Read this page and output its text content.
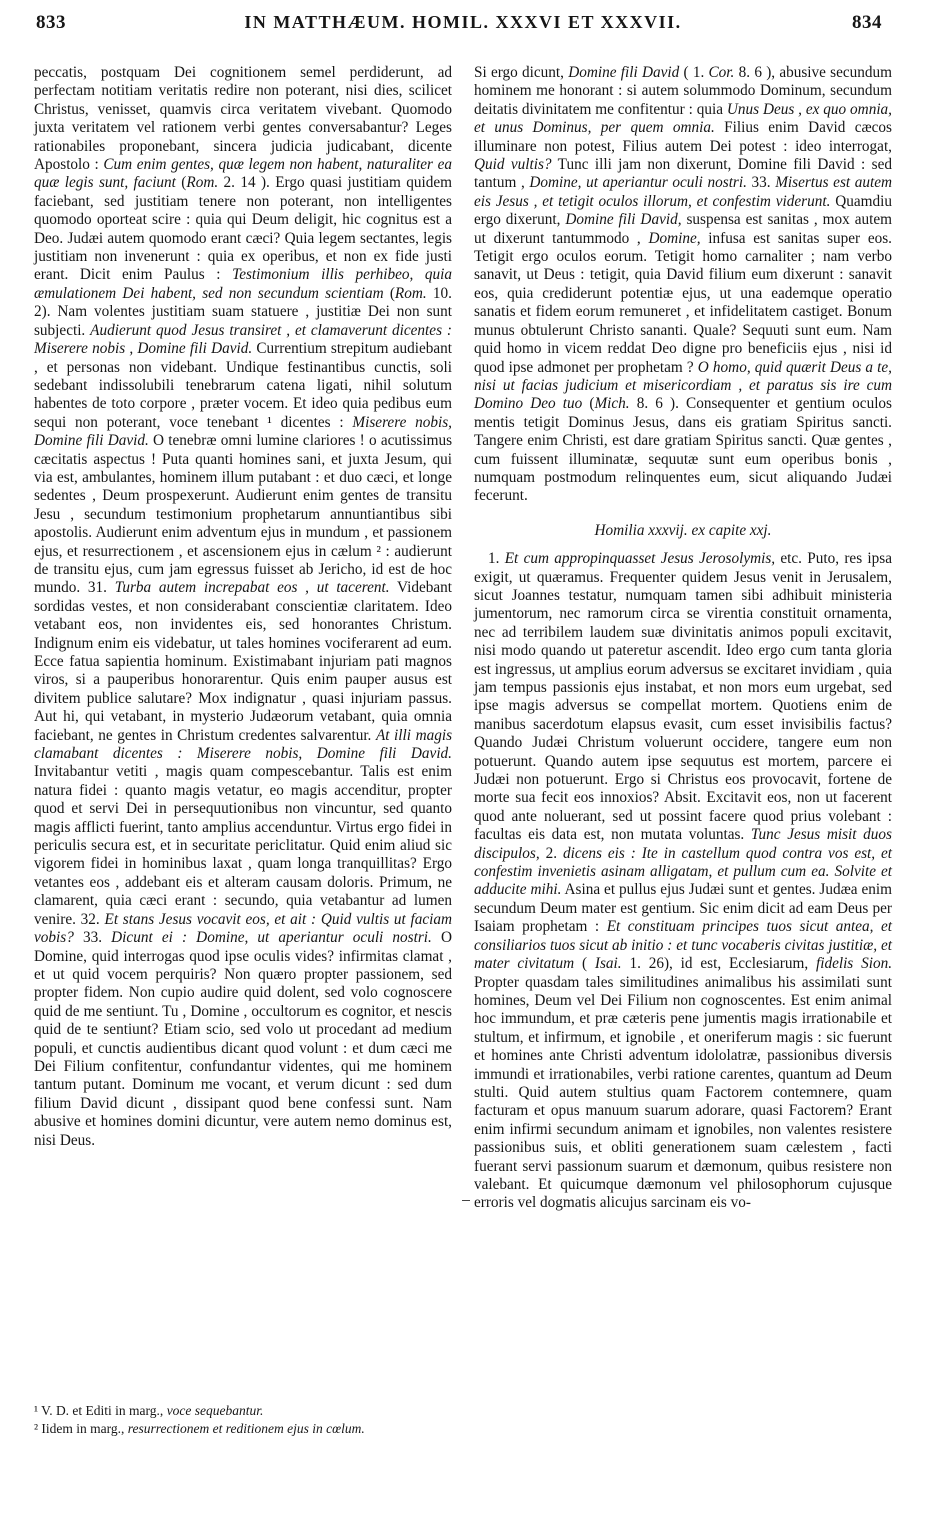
833	IN MATTHÆUM. HOMIL. XXXVI ET XXXVII.	834

peccatis, postquam Dei cognitionem semel perdiderunt, ad perfectam notitiam veritatis redire non poterant, nisi dies, scilicet Christus, venisset, quamvis circa veritatem vivebant. Quomodo juxta veritatem vel rationem verbi gentes conversabantur? Leges rationabiles proponebant, sincera judicia judicabant, dicente Apostolo : Cum enim gentes, quæ legem non habent, naturaliter ea quæ legis sunt, faciunt (Rom. 2. 14 ). Ergo quasi justitiam quidem faciebant, sed justitiam tenere non poterant, non intelligentes quomodo oporteat scire : quia qui Deum deligit, hic cognitus est a Deo. Judæi autem quomodo erant cæci? Quia legem sectantes, legis justitiam non invenerunt : quia ex operibus, et non ex fide justi erant. Dicit enim Paulus : Testimonium illis perhibeo, quia æmulationem Dei habent, sed non secundum scientiam (Rom. 10. 2). Nam volentes justitiam suam statuere , justitiæ Dei non sunt subjecti. Audierunt quod Jesus transiret , et clamaverunt dicentes : Miserere nobis , Domine fili David. Currentium strepitum audiebant , et personas non videbant. Undique festinantibus cunctis, soli sedebant indissolubili tenebrarum catena ligati, nihil solutum habentes de toto corpore , præter vocem. Et ideo quia pedibus eum sequi non poterant, voce tenebant ¹ dicentes : Miserere nobis, Domine fili David. O tenebræ omni lumine clariores ! o acutissimus cæcitatis aspectus ! Puta quanti homines sani, et juxta Jesum, qui via est, ambulantes, hominem illum putabant : et duo cæci, et longe sedentes , Deum prospexerunt. Audierunt enim gentes de transitu Jesu , secundum testimonium prophetarum annuntiantibus sibi apostolis. Audierunt enim adventum ejus in mundum , et passionem ejus, et resurrectionem , et ascensionem ejus in cælum ² : audierunt de transitu ejus, cum jam egressus fuisset ab Jericho, id est de hoc mundo. 31. Turba autem increpabat eos , ut tacerent. Videbant sordidas vestes, et non considerabant conscientiæ claritatem. Ideo vetabant eos, non invidentes eis, sed honorantes Christum. Indignum enim eis videbatur, ut tales homines vociferarent ad eum. Ecce fatua sapientia hominum. Existimabant injuriam pati magnos viros, si a pauperibus honorarentur. Quis enim pauper ausus est divitem publice salutare? Mox indignatur , quasi injuriam passus. Aut hi, qui vetabant, in mysterio Judæorum vetabant, quia omnia faciebant, ne gentes in Christum credentes salvarentur. At illi magis clamabant dicentes : Miserere nobis, Domine fili David. Invitabantur vetiti , magis quam compescebantur. Talis est enim natura fidei : quanto magis vetatur, eo magis accenditur, propter quod et servi Dei in persequutionibus non vincuntur, sed quanto magis afflicti fuerint, tanto amplius accenduntur. Virtus ergo fidei in periculis secura est, et in securitate periclitatur. Quid enim aliud sic vigorem fidei in hominibus laxat , quam longa tranquillitas? Ergo vetantes eos , addebant eis et alteram causam doloris. Primum, ne clamarent, quia cæci erant : secundo, quia vetabantur ad lumen venire. 32. Et stans Jesus vocavit eos, et ait : Quid vultis ut faciam vobis? 33. Dicunt ei : Domine, ut aperiantur oculi nostri. O Domine, quid interrogas quod ipse oculis vides? infirmitas clamat , et ut quid vocem perquiris? Non quæro propter passionem, sed propter fidem. Non cupio audire quid dolent, sed volo cognoscere quid de me sentiunt. Tu , Domine , occultorum es cognitor, et nescis quid de te sentiunt? Etiam scio, sed volo ut procedant ad medium populi, et cunctis audientibus dicant quod volunt : et dum cæci me Dei Filium confitentur, confundantur videntes, qui me hominem tantum putant. Dominum me vocant, et verum dicunt : sed dum filium David dicunt , dissipant quod bene confessi sunt. Nam abusive et homines domini dicuntur, vere autem nemo dominus est, nisi Deus.

¹ V. D. et Editi in marg., voce sequebantur.

² Iidem in marg., resurrectionem et reditionem ejus in cœlum.

Si ergo dicunt, Domine fili David ( 1. Cor. 8. 6 ), abusive secundum hominem me honorant : si autem solummodo Dominum, secundum deitatis divinitatem me confitentur : quia Unus Deus , ex quo omnia, et unus Dominus, per quem omnia. Filius enim David cæcos illuminare non potest, Filius autem Dei potest : ideo interrogat, Quid vultis? Tunc illi jam non dixerunt, Domine fili David : sed tantum , Domine, ut aperiantur oculi nostri. 33. Misertus est autem eis Jesus , et tetigit oculos illorum, et confestim viderunt. Quamdiu ergo dixerunt, Domine fili David, suspensa est sanitas , mox autem ut dixerunt tantummodo , Domine, infusa est sanitas super eos. Tetigit ergo oculos eorum. Tetigit homo carnaliter ; nam verbo sanavit, ut Deus : tetigit, quia David filium eum dixerunt : sanavit eos, quia crediderunt potentiæ ejus, ut una eademque operatio sanatis et fidem eorum remuneret , et infidelitatem castiget. Bonum munus obtulerunt Christo sananti. Quale? Sequuti sunt eum. Nam quid homo in vicem reddat Deo digne pro beneficiis ejus , nisi id quod ipse admonet per prophetam ? O homo, quid quærit Deus a te, nisi ut facias judicium et misericordiam , et paratus sis ire cum Domino Deo tuo (Mich. 8. 6 ). Consequenter et gentium oculos mentis tetigit Dominus Jesus, dans eis gratiam Spiritus sancti. Tangere enim Christi, est dare gratiam Spiritus sancti. Quæ gentes , cum fuissent illuminatæ, sequutæ sunt eum operibus bonis , numquam postmodum relinquentes eum, sicut aliquando Judæi fecerunt.

Homilia xxxvij. ex capite xxj.

1. Et cum appropinquasset Jesus Jerosolymis, etc. Puto, res ipsa exigit, ut quæramus. Frequenter quidem Jesus venit in Jerusalem, sicut Joannes testatur, numquam tamen sibi adhibuit ministeria jumentorum, nec ramorum circa se virentia constituit ornamenta, nec ad terribilem laudem suæ divinitatis animos populi excitavit, nisi modo quando ut pateretur ascendit. Ideo ergo cum tanta gloria est ingressus, ut amplius eorum adversus se excitaret invidiam , quia jam tempus passionis ejus instabat, et non mors eum urgebat, sed ipse magis adversus se compellat mortem. Quotiens enim de manibus sacerdotum elapsus evasit, cum esset invisibilis factus? Quando Judæi Christum voluerunt occidere, tangere eum non potuerunt. Quando autem ipse sequutus est mortem, parcere ei Judæi non potuerunt. Ergo si Christus eos provocavit, fortene de morte sua fecit eos innoxios? Absit. Excitavit eos, non ut facerent quod ante noluerant, sed ut possint facere quod prius volebant : facultas eis data est, non mutata voluntas. Tunc Jesus misit duos discipulos, 2. dicens eis : Ite in castellum quod contra vos est, et confestim invenietis asinam alligatam, et pullum cum ea. Solvite et adducite mihi. Asina et pullus ejus Judæi sunt et gentes. Judæa enim secundum Deum mater est gentium. Sic enim dicit ad eam Deus per Isaiam prophetam : Et constituam principes tuos sicut antea, et consiliarios tuos sicut ab initio : et tunc vocaberis civitas justitiæ, et mater civitatum ( Isai. 1. 26), id est, Ecclesiarum, fidelis Sion. Propter quasdam tales similitudines animalibus his assimilati sunt homines, Deum vel Dei Filium non cognoscentes. Est enim animal hoc immundum, et præ cæteris pene jumentis magis irrationabile et stultum, et infirmum, et ignobile , et oneriferum magis : sic fuerunt et homines ante Christi adventum idololatræ, passionibus diversis immundi et irrationabiles, verbi ratione carentes, quantum ad Deum stulti. Quid autem stultius quam Factorem contemnere, quam facturam et opus manuum suarum adorare, quasi Factorem? Erant enim infirmi secundum animam et ignobiles, non valentes resistere passionibus suis, et obliti generationem suam cælestem , facti fuerant servi passionum suarum et dæmonum, quibus resistere non valebant. Et quicumque dæmonum vel philosophorum cujusque erroris vel dogmatis alicujus sarcinam eis vo-
